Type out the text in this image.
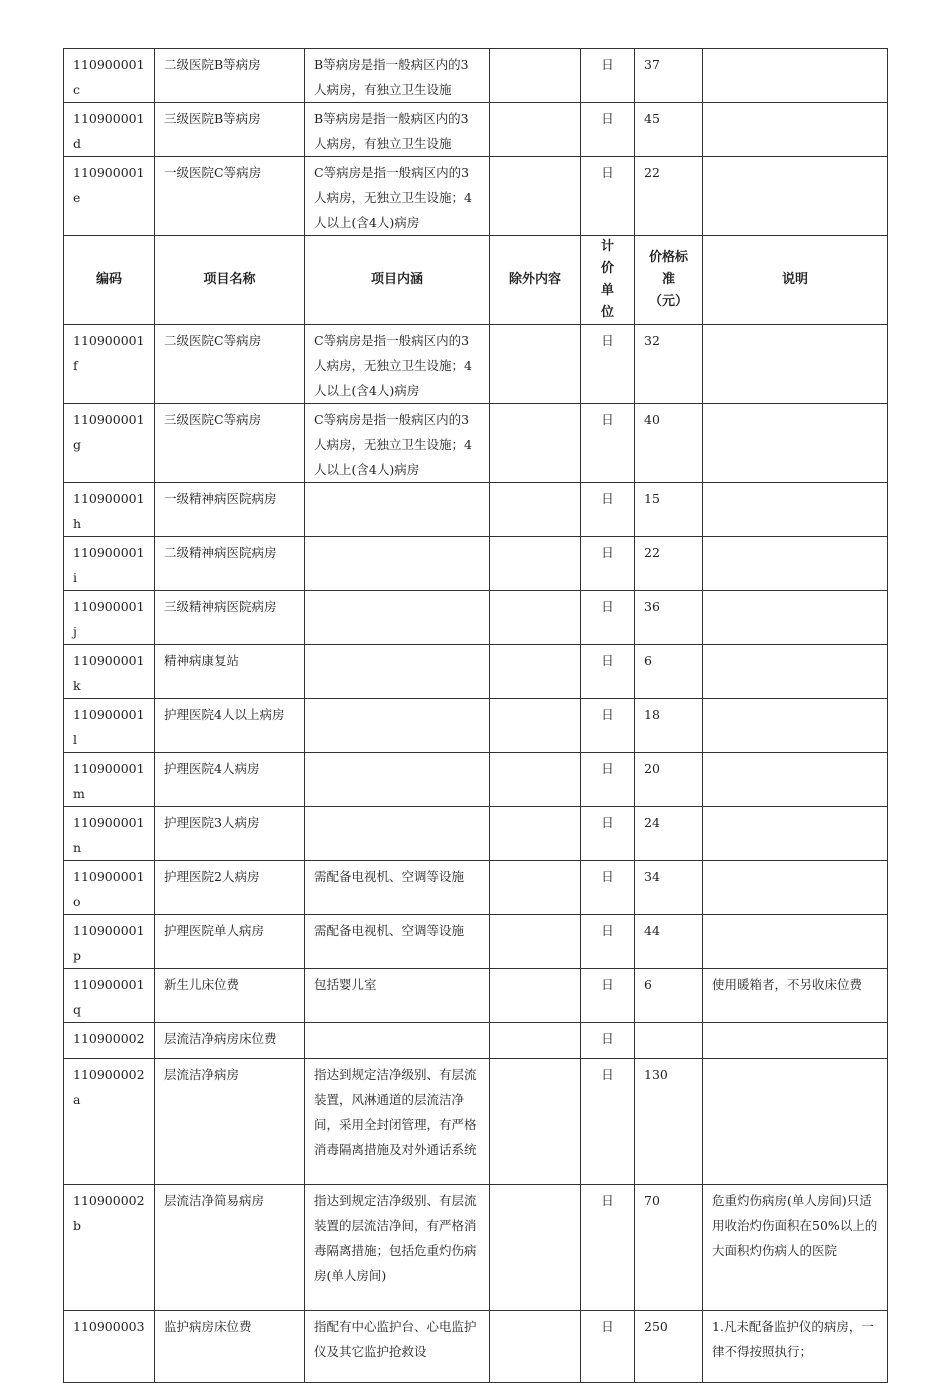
110900001c	二级医院B等病房	B等病房是指一般病区内的3人病房，有独立卫生设施		日	37	
110900001d	三级医院B等病房	B等病房是指一般病区内的3人病房，有独立卫生设施		日	45	
110900001e	一级医院C等病房	C等病房是指一般病区内的3人病房，无独立卫生设施；4人以上(含4人)病房		日	22	
编码	项目名称	项目内涵	除外内容	计价单位	价格标准（元）	说明
110900001f	二级医院C等病房	C等病房是指一般病区内的3人病房，无独立卫生设施；4人以上(含4人)病房		日	32	
110900001g	三级医院C等病房	C等病房是指一般病区内的3人病房，无独立卫生设施；4人以上(含4人)病房		日	40	
110900001h	一级精神病医院病房			日	15	
110900001i	二级精神病医院病房			日	22	
110900001j	三级精神病医院病房			日	36	
110900001k	精神病康复站			日	6	
110900001l	护理医院4人以上病房			日	18	
110900001m	护理医院4人病房			日	20	
110900001n	护理医院3人病房			日	24	
110900001o	护理医院2人病房	需配备电视机、空调等设施		日	34	
110900001p	护理医院单人病房	需配备电视机、空调等设施		日	44	
110900001q	新生儿床位费	包括婴儿室		日	6	使用暖箱者，不另收床位费
110900002	层流洁净病房床位费			日		
110900002a	层流洁净病房	指达到规定洁净级别、有层流装置，风淋通道的层流洁净间，采用全封闭管理，有严格消毒隔离措施及对外通话系统		日	130	
110900002b	层流洁净简易病房	指达到规定洁净级别、有层流装置的层流洁净间，有严格消毒隔离措施；包括危重灼伤病房(单人房间)		日	70	危重灼伤病房(单人房间)只适用收治灼伤面积在50%以上的大面积灼伤病人的医院
110900003	监护病房床位费	指配有中心监护台、心电监护仪及其它监护抢救设		日	250	1.凡未配备监护仪的病房，一律不得按照执行；
